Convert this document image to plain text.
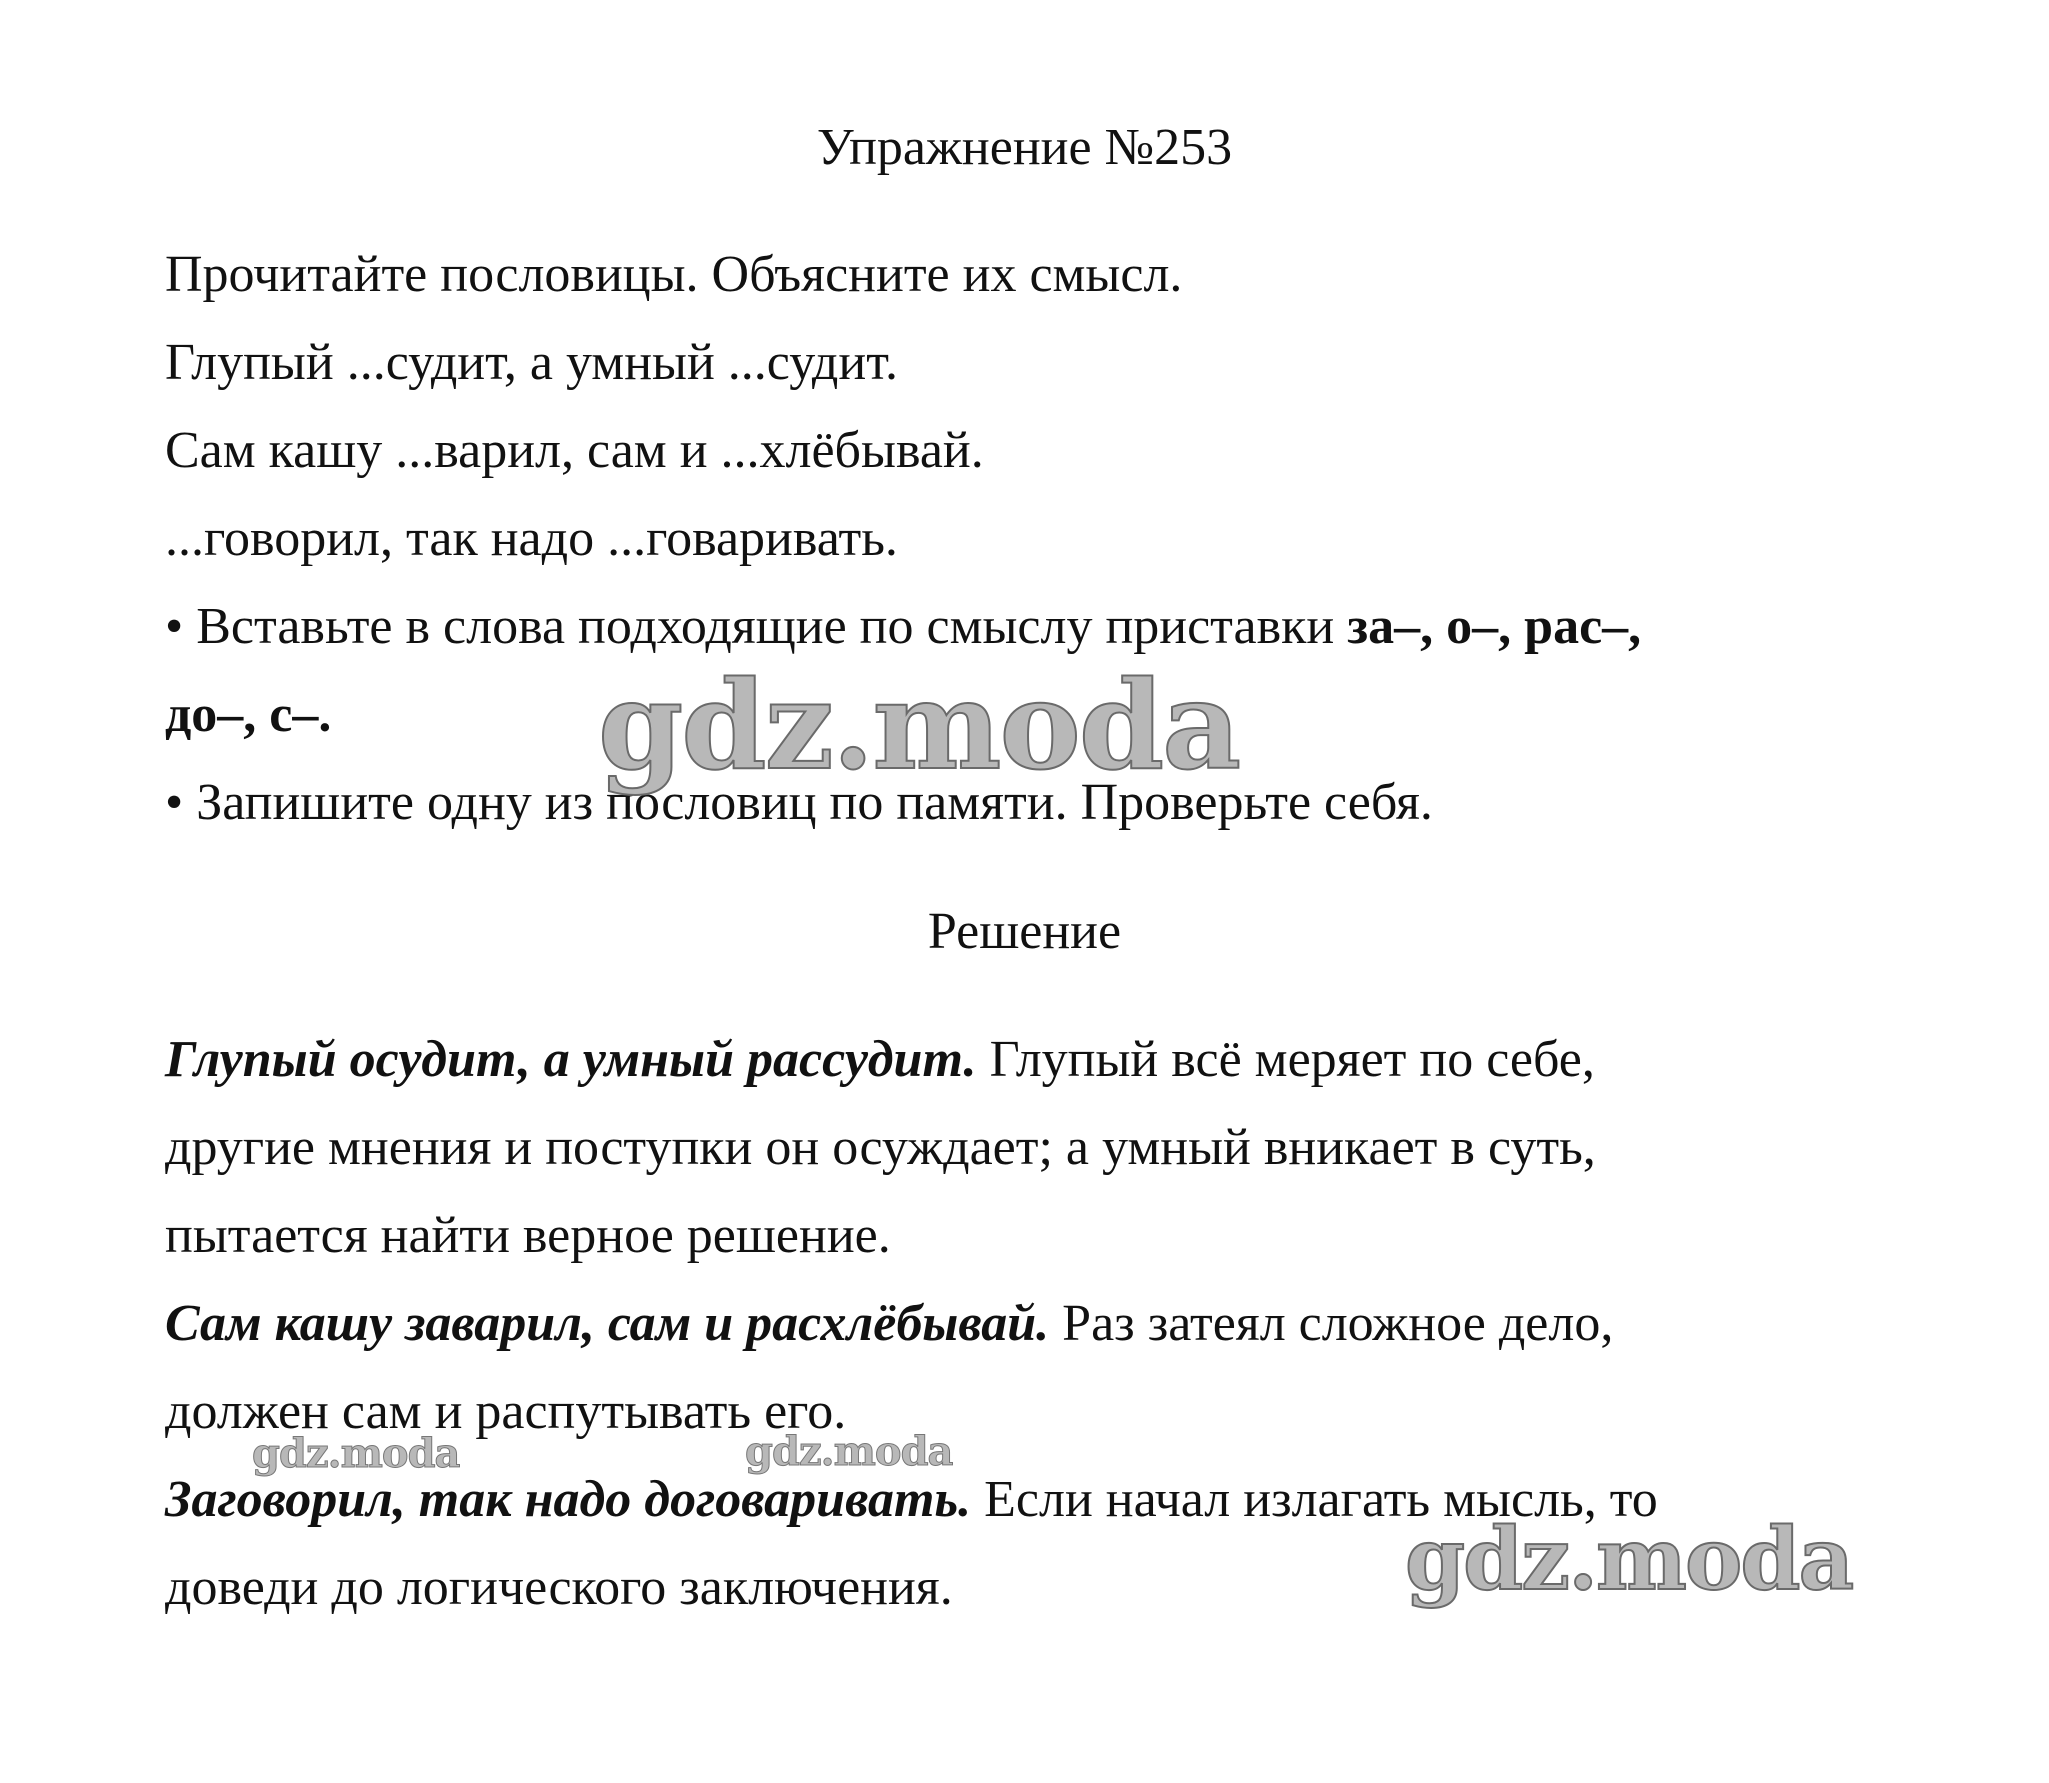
Упражнение №253
Прочитайте пословицы. Объясните их смысл.
Глупый ...судит, а умный ...судит.
Сам кашу ...варил, сам и ...хлёбывай.
...говорил, так надо ...говаривать.
• Вставьте в слова подходящие по смыслу приставки за–, о–, рас–,
до–, с–.
• Запишите одну из пословиц по памяти. Проверьте себя.
Решение
Глупый осудит, а умный рассудит. Глупый всё меряет по себе,
другие мнения и поступки он осуждает; а умный вникает в суть,
пытается найти верное решение.
Сам кашу заварил, сам и расхлёбывай. Раз затеял сложное дело,
должен сам и распутывать его.
Заговорил, так надо договаривать. Если начал излагать мысль, то
доведи до логического заключения.
gdz.moda
gdz.moda	gdz.moda
gdz.moda
